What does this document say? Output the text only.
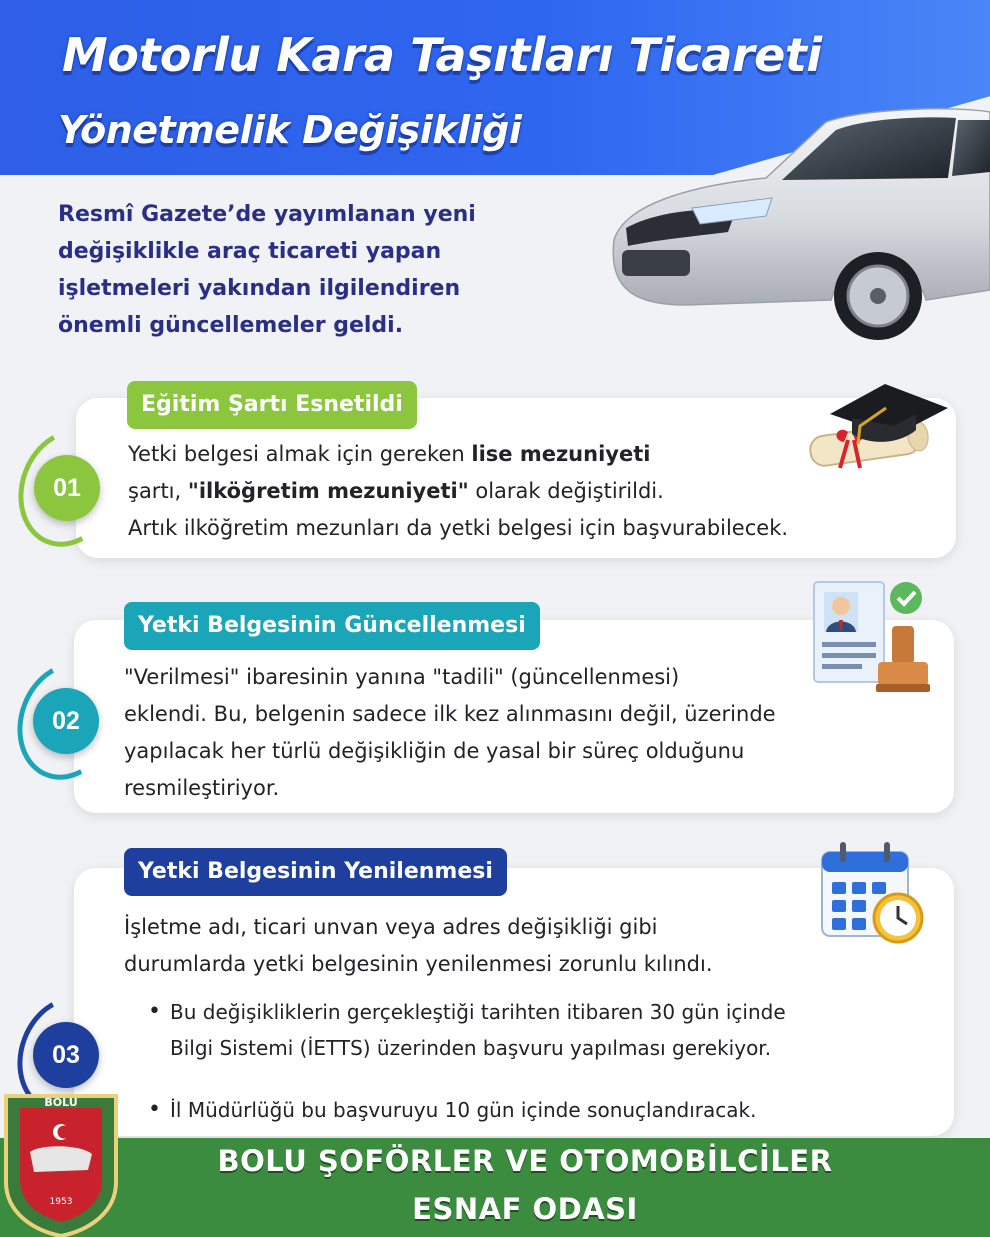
Motorlu Kara Taşıtları Ticareti
Yönetmelik Değişikliği
Resmî Gazete’de yayımlanan yeni
değişiklikle araç ticareti yapan
işletmeleri yakından ilgilendiren
önemli güncellemeler geldi.
01
Eğitim Şartı Esnetildi
Yetki belgesi almak için gereken lise mezuniyeti
şartı, "ilköğretim mezuniyeti" olarak değiştirildi.
Artık ilköğretim mezunları da yetki belgesi için başvurabilecek.
02
Yetki Belgesinin Güncellenmesi
"Verilmesi" ibaresinin yanına "tadili" (güncellenmesi)
eklendi. Bu, belgenin sadece ilk kez alınmasını değil, üzerinde
yapılacak her türlü değişikliğin de yasal bir süreç olduğunu
resmileştiriyor.
03
Yetki Belgesinin Yenilenmesi
İşletme adı, ticari unvan veya adres değişikliği gibi
durumlarda yetki belgesinin yenilenmesi zorunlu kılındı.
• Bu değişikliklerin gerçekleştiği tarihten itibaren 30 gün içinde
Bilgi Sistemi (İETTS) üzerinden başvuru yapılması gerekiyor.
• İl Müdürlüğü bu başvuruyu 10 gün içinde sonuçlandıracak.
BOLU ŞOFÖRLER VE OTOMOBİLCİLER
ESNAF ODASI
BOLU
1953
